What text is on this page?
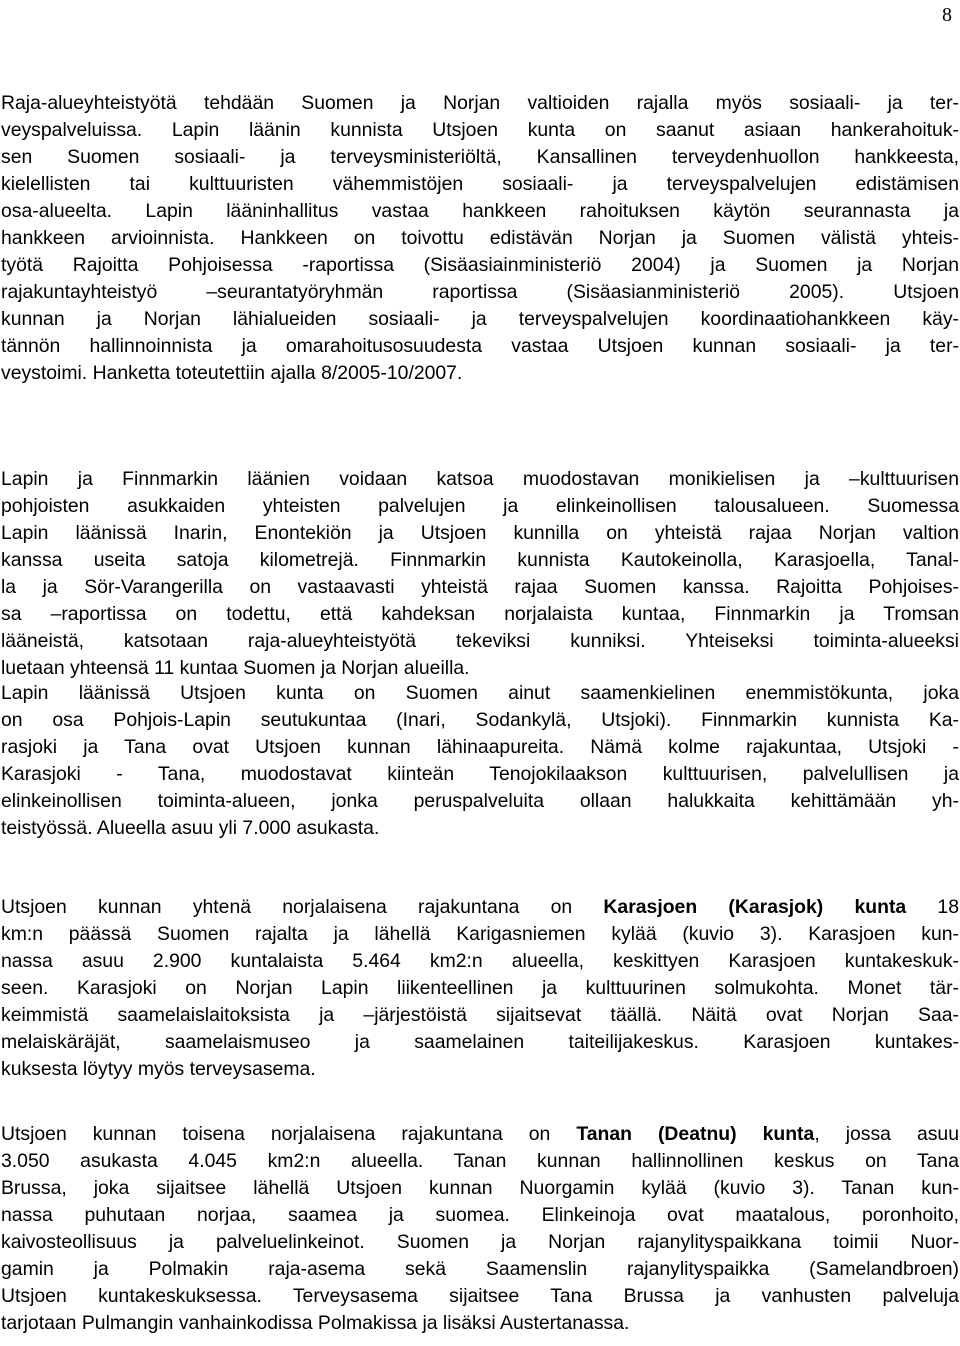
8
Raja-alueyhteistyötä tehdään Suomen ja Norjan valtioiden rajalla myös sosiaali- ja ter-
veyspalveluissa. Lapin läänin kunnista Utsjoen kunta on saanut asiaan hankerahoituk-
sen Suomen sosiaali- ja terveysministeriöltä, Kansallinen terveydenhuollon hankkeesta,
kielellisten tai kulttuuristen vähemmistöjen sosiaali- ja terveyspalvelujen edistämisen
osa-alueelta. Lapin lääninhallitus vastaa hankkeen rahoituksen käytön seurannasta ja
hankkeen arvioinnista. Hankkeen on toivottu edistävän Norjan ja Suomen välistä yhteis-
työtä Rajoitta Pohjoisessa -raportissa (Sisäasiainministeriö 2004) ja Suomen ja Norjan
rajakuntayhteistyö –seurantatyöryhmän raportissa (Sisäasianministeriö 2005). Utsjoen
kunnan ja Norjan lähialueiden sosiaali- ja terveyspalvelujen koordinaatiohankkeen käy-
tännön hallinnoinnista ja omarahoitusosuudesta vastaa Utsjoen kunnan sosiaali- ja ter-
veystoimi. Hanketta toteutettiin ajalla 8/2005-10/2007.
Lapin ja Finnmarkin läänien voidaan katsoa muodostavan monikielisen ja –kulttuurisen
pohjoisten asukkaiden yhteisten palvelujen ja elinkeinollisen talousalueen. Suomessa
Lapin läänissä Inarin, Enontekiön ja Utsjoen kunnilla on yhteistä rajaa Norjan valtion
kanssa useita satoja kilometrejä. Finnmarkin kunnista Kautokeinolla, Karasjoella, Tanal-
la ja Sör-Varangerilla on vastaavasti yhteistä rajaa Suomen kanssa. Rajoitta Pohjoises-
sa –raportissa on todettu, että kahdeksan norjalaista kuntaa, Finnmarkin ja Tromsan
lääneistä, katsotaan raja-alueyhteistyötä tekeviksi kunniksi. Yhteiseksi toiminta-alueeksi
luetaan yhteensä 11 kuntaa Suomen ja Norjan alueilla.
Lapin läänissä Utsjoen kunta on Suomen ainut saamenkielinen enemmistökunta, joka
on osa Pohjois-Lapin seutukuntaa (Inari, Sodankylä, Utsjoki). Finnmarkin kunnista Ka-
rasjoki ja Tana ovat Utsjoen kunnan lähinaapureita. Nämä kolme rajakuntaa, Utsjoki -
Karasjoki - Tana, muodostavat kiinteän Tenojokilaakson kulttuurisen, palvelullisen ja
elinkeinollisen toiminta-alueen, jonka peruspalveluita ollaan halukkaita kehittämään yh-
teistyössä. Alueella asuu yli 7.000 asukasta.
Utsjoen kunnan yhtenä norjalaisena rajakuntana on Karasjoen (Karasjok) kunta 18
km:n päässä Suomen rajalta ja lähellä Karigasniemen kylää (kuvio 3). Karasjoen kun-
nassa asuu 2.900 kuntalaista 5.464 km2:n alueella, keskittyen Karasjoen kuntakeskuk-
seen. Karasjoki on Norjan Lapin liikenteellinen ja kulttuurinen solmukohta. Monet tär-
keimmistä saamelaislaitoksista ja –järjestöistä sijaitsevat täällä. Näitä ovat Norjan Saa-
melaiskäräjät, saamelaismuseo ja saamelainen taiteilijakeskus. Karasjoen kuntakes-
kuksesta löytyy myös terveysasema.
Utsjoen kunnan toisena norjalaisena rajakuntana on Tanan (Deatnu) kunta, jossa asuu
3.050 asukasta 4.045 km2:n alueella. Tanan kunnan hallinnollinen keskus on Tana
Brussa, joka sijaitsee lähellä Utsjoen kunnan Nuorgamin kylää (kuvio 3). Tanan kun-
nassa puhutaan norjaa, saamea ja suomea. Elinkeinoja ovat maatalous, poronhoito,
kaivosteollisuus ja palveluelinkeinot. Suomen ja Norjan rajanylityspaikkana toimii Nuor-
gamin ja Polmakin raja-asema sekä Saamenslin rajanylityspaikka (Samelandbroen)
Utsjoen kuntakeskuksessa. Terveysasema sijaitsee Tana Brussa ja vanhusten palveluja
tarjotaan Pulmangin vanhainkodissa Polmakissa ja lisäksi Austertanassa.
